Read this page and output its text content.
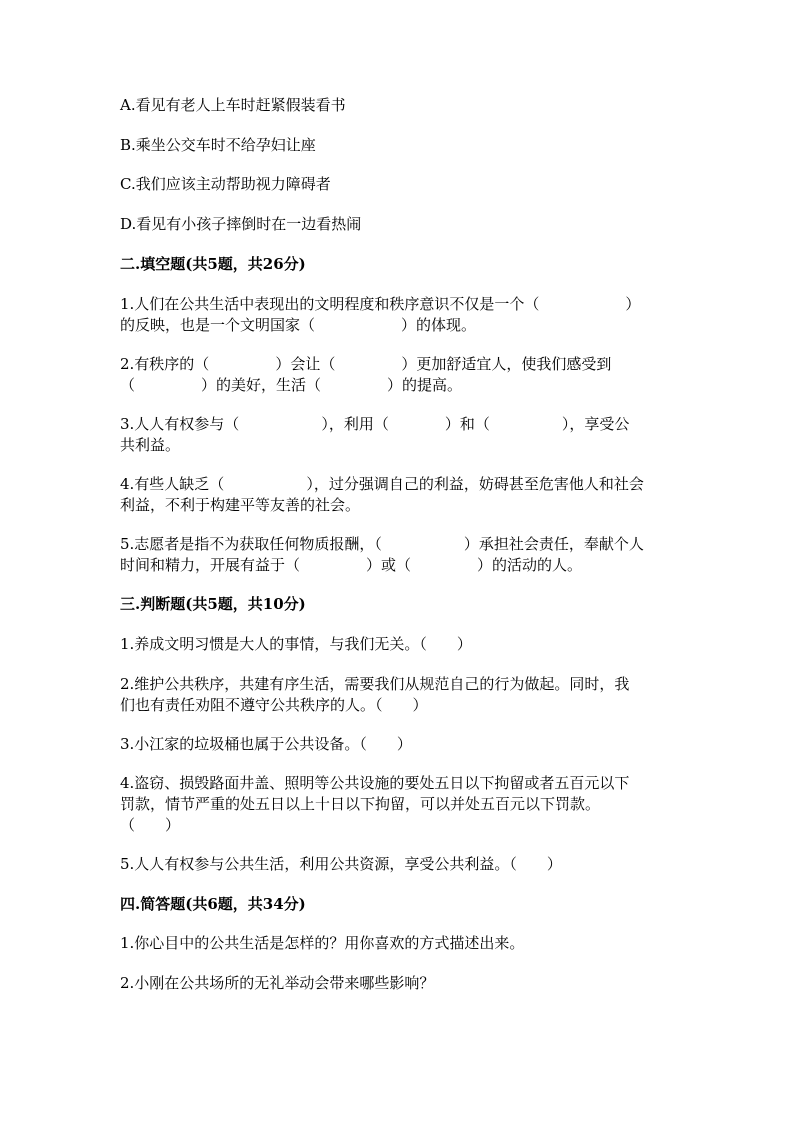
A.看见有老人上车时赶紧假装看书
B.乘坐公交车时不给孕妇让座
C.我们应该主动帮助视力障碍者
D.看见有小孩子摔倒时在一边看热闹
二.填空题(共5题，共26分)
1.人们在公共生活中表现出的文明程度和秩序意识不仅是一个（	）
的反映，也是一个文明国家（	）的体现。
2.有秩序的（	）会让（	）更加舒适宜人，使我们感受到
（	）的美好，生活（	）的提高。
3.人人有权参与（	），利用（	）和（	），享受公
共利益。
4.有些人缺乏（	），过分强调自己的利益，妨碍甚至危害他人和社会
利益，不利于构建平等友善的社会。
5.志愿者是指不为获取任何物质报酬，（	）承担社会责任，奉献个人
时间和精力，开展有益于（	）或（	）的活动的人。
三.判断题(共5题，共10分)
1.养成文明习惯是大人的事情，与我们无关。（　　）
2.维护公共秩序，共建有序生活，需要我们从规范自己的行为做起。同时，我
们也有责任劝阻不遵守公共秩序的人。（　　）
3.小江家的垃圾桶也属于公共设备。（　　）
4.盗窃、损毁路面井盖、照明等公共设施的要处五日以下拘留或者五百元以下
罚款，情节严重的处五日以上十日以下拘留，可以并处五百元以下罚款。
（　　）
5.人人有权参与公共生活，利用公共资源，享受公共利益。（　　）
四.简答题(共6题，共34分)
1.你心目中的公共生活是怎样的？用你喜欢的方式描述出来。
2.小刚在公共场所的无礼举动会带来哪些影响？
